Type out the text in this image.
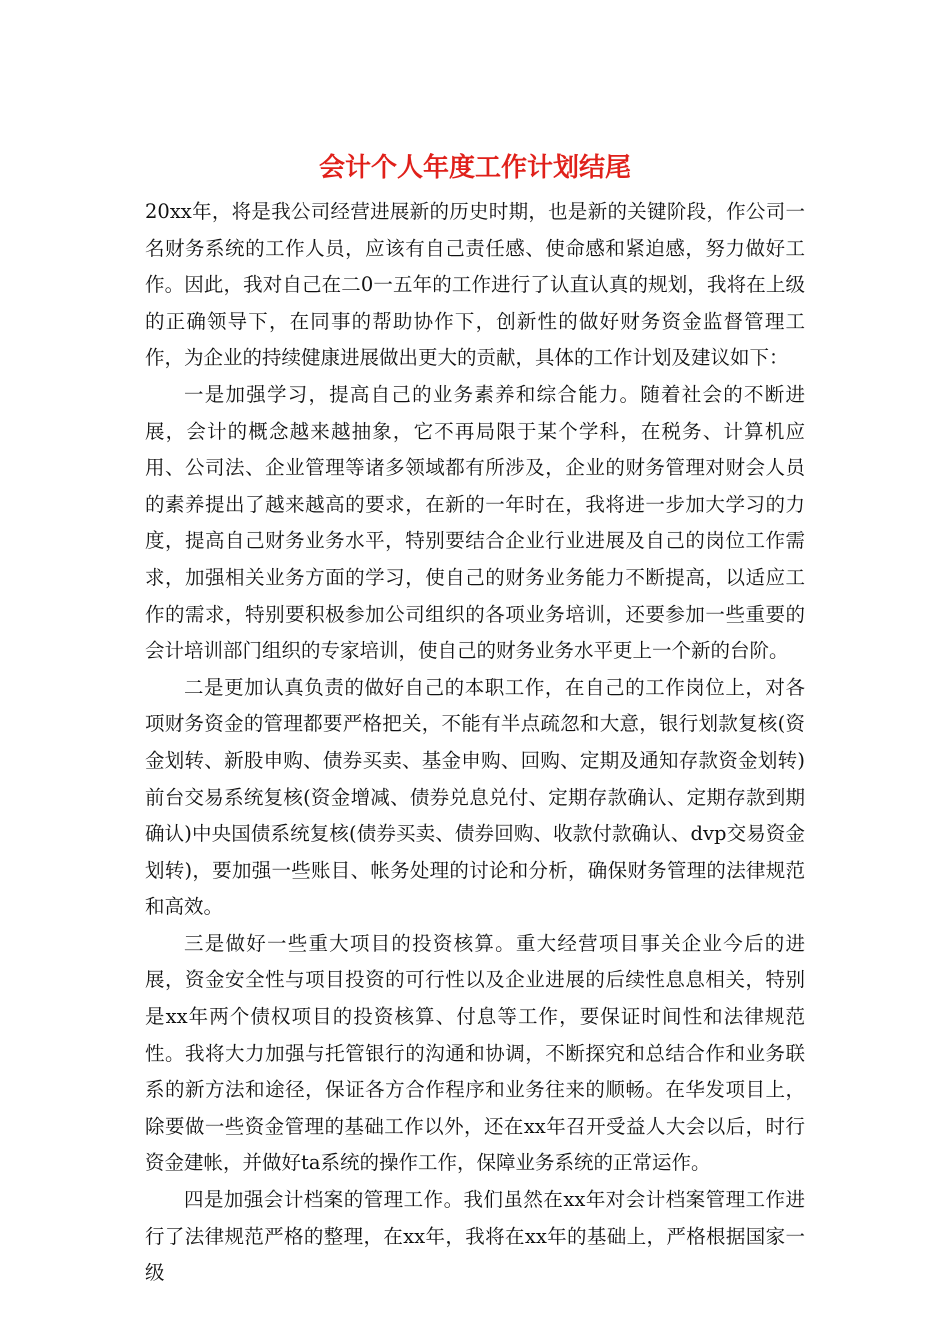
会计个人年度工作计划结尾

20xx年，将是我公司经营进展新的历史时期，也是新的关键阶段，作公司一名财务系统的工作人员，应该有自己责任感、使命感和紧迫感，努力做好工作。因此，我对自己在二0一五年的工作进行了认直认真的规划，我将在上级的正确领导下，在同事的帮助协作下，创新性的做好财务资金监督管理工作，为企业的持续健康进展做出更大的贡献，具体的工作计划及建议如下：

一是加强学习，提高自己的业务素养和综合能力。随着社会的不断进展，会计的概念越来越抽象，它不再局限于某个学科，在税务、计算机应用、公司法、企业管理等诸多领域都有所涉及，企业的财务管理对财会人员的素养提出了越来越高的要求，在新的一年时在，我将进一步加大学习的力度，提高自己财务业务水平，特别要结合企业行业进展及自己的岗位工作需求，加强相关业务方面的学习，使自己的财务业务能力不断提高，以适应工作的需求，特别要积极参加公司组织的各项业务培训，还要参加一些重要的会计培训部门组织的专家培训，使自己的财务业务水平更上一个新的台阶。

二是更加认真负责的做好自己的本职工作，在自己的工作岗位上，对各项财务资金的管理都要严格把关，不能有半点疏忽和大意，银行划款复核(资金划转、新股申购、债券买卖、基金申购、回购、定期及通知存款资金划转)前台交易系统复核(资金增减、债券兑息兑付、定期存款确认、定期存款到期确认)中央国债系统复核(债券买卖、债券回购、收款付款确认、dvp交易资金划转)，要加强一些账目、帐务处理的讨论和分析，确保财务管理的法律规范和高效。

三是做好一些重大项目的投资核算。重大经营项目事关企业今后的进展，资金安全性与项目投资的可行性以及企业进展的后续性息息相关，特别是xx年两个债权项目的投资核算、付息等工作，要保证时间性和法律规范性。我将大力加强与托管银行的沟通和协调，不断探究和总结合作和业务联系的新方法和途径，保证各方合作程序和业务往来的顺畅。在华发项目上，除要做一些资金管理的基础工作以外，还在xx年召开受益人大会以后，时行资金建帐，并做好ta系统的操作工作，保障业务系统的正常运作。

四是加强会计档案的管理工作。我们虽然在xx年对会计档案管理工作进行了法律规范严格的整理，在xx年，我将在xx年的基础上，严格根据国家一级
